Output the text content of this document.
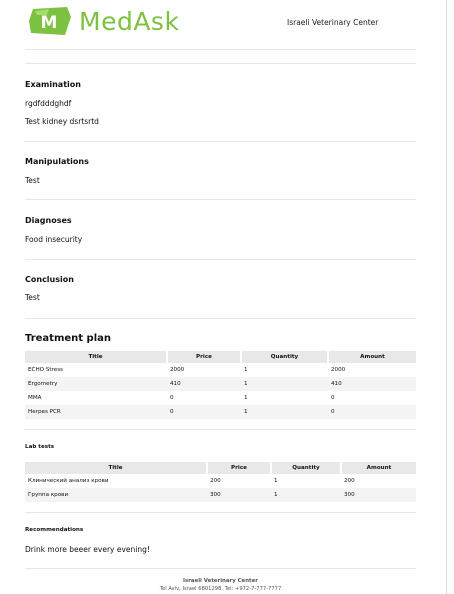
M MedAsk	Israeli Veterinary Center
Examination
rgdfdddghdf
Test kidney dsrtsrtd
Manipulations
Test
Diagnoses
Food insecurity
Conclusion
Test
Treatment plan
Title	Price	Quantity	Amount
ECHO Stress	2000	1	2000
Ergometry	410	1	410
MMA	0	1	0
Herpes PCR	0	1	0
Lab tests
Title	Price	Quantity	Amount
Клинический анализ крови	200	1	200
Группа крови	300	1	300
Recommendations
Drink more beeer every evening!
Israeli Veterinary Center
Tel Aviv, Israel 6801298. Tel: +972-7-777-7777
